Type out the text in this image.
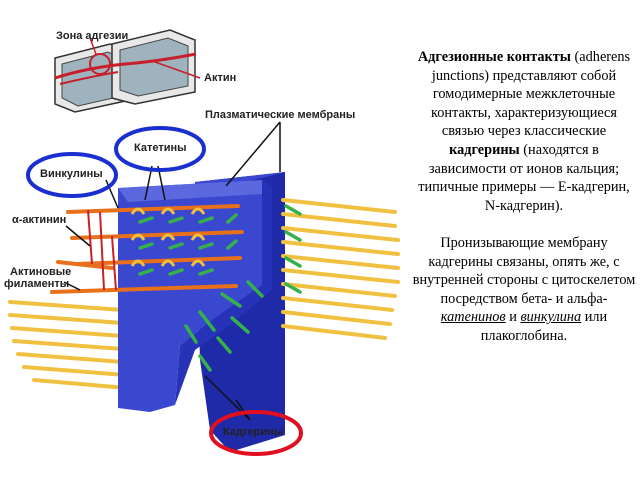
Зона адгезии
Актин
Плазматические мембраны
Катетины
Винкулины
α-актинин
Актиновые
филаменты
Кадгерины

Адгезионные контакты (adherens junctions) представляют собой гомодимерные межклеточные контакты, характеризующиеся связью через классические кадгерины (находятся в зависимости от ионов кальция; типичные примеры — Е-кадгерин, N-кадгерин).

Пронизывающие мембрану кадгерины связаны, опять же, с внутренней стороны с цитоскелетом посредством бета- и альфа-катенинов и винкулина или плакоглобина.
